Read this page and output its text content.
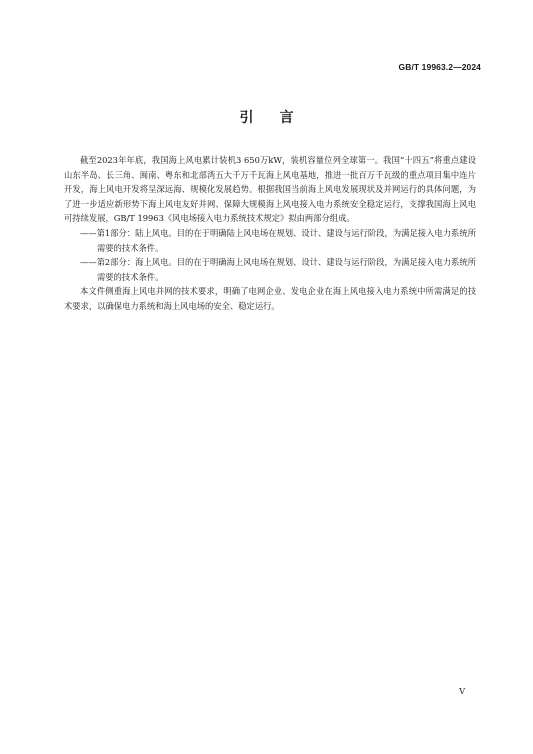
GB/T 19963.2—2024
引言

截至2023年年底，我国海上风电累计装机3 650万kW，装机容量位列全球第一。我国“十四五”将重点建设山东半岛、长三角、闽南、粤东和北部湾五大千万千瓦海上风电基地，推进一批百万千瓦级的重点项目集中连片开发，海上风电开发将呈深远海、规模化发展趋势。根据我国当前海上风电发展现状及并网运行的具体问题，为了进一步适应新形势下海上风电友好并网、保障大规模海上风电接入电力系统安全稳定运行，支撑我国海上风电可持续发展，GB/T 19963《风电场接入电力系统技术规定》拟由两部分组成。

——第1部分：陆上风电。目的在于明确陆上风电场在规划、设计、建设与运行阶段，为满足接入电力系统所需要的技术条件。

——第2部分：海上风电。目的在于明确海上风电场在规划、设计、建设与运行阶段，为满足接入电力系统所需要的技术条件。

本文件侧重海上风电并网的技术要求，明确了电网企业、发电企业在海上风电接入电力系统中所需满足的技术要求，以确保电力系统和海上风电场的安全、稳定运行。

V
